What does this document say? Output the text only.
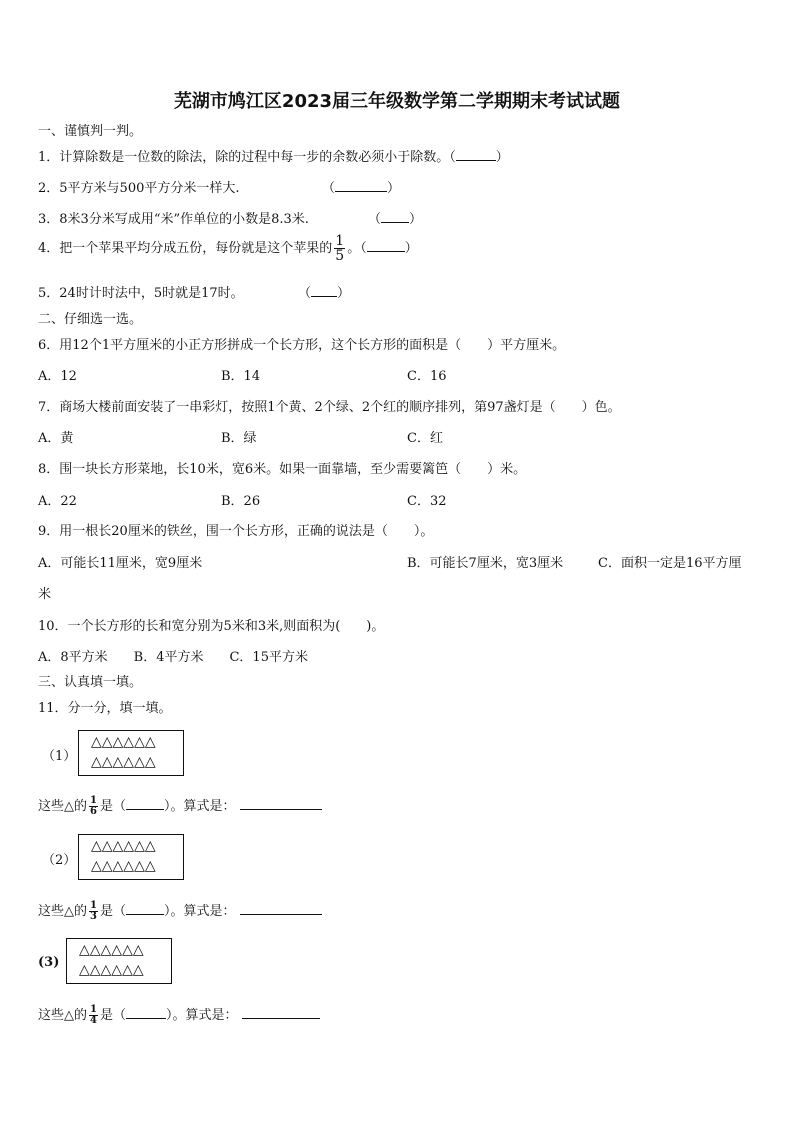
芜湖市鸠江区2023届三年级数学第二学期期末考试试题
一、谨慎判一判。
1．计算除数是一位数的除法，除的过程中每一步的余数必须小于除数。（	）
2．5平方米与500平方分米一样大.	（	）
3．8米3分米写成用“米”作单位的小数是8.3米.	（ ）
4．把一个苹果平均分成五份，每份就是这个苹果的 $\frac{1}{5}$ 。（	）
5．24时计时法中，5时就是17时。	（ ）
二、仔细选一选。
6．用12个1平方厘米的小正方形拼成一个长方形，这个长方形的面积是（　　）平方厘米。
A．12	B．14	C．16
7．商场大楼前面安装了一串彩灯，按照1个黄、2个绿、2个红的顺序排列，第97盏灯是（　　）色。
A．黄	B．绿	C．红
8．围一块长方形菜地，长10米，宽6米。如果一面靠墙，至少需要篱笆（　　）米。
A．22	B．26	C．32
9．用一根长20厘米的铁丝，围一个长方形，正确的说法是（　　）。
A．可能长11厘米，宽9厘米	B．可能长7厘米，宽3厘米	C．面积一定是16平方厘
米
10．一个长方形的长和宽分别为5米和3米,则面积为(　　)。
A．8平方米　　B．4平方米　　C．15平方米
三、认真填一填。
11．分一分，填一填。
（1）
△△△△△△
△△△△△△
这些△的 $\frac{1}{6}$ 是（	）。算式是：
（2）
△△△△△△
△△△△△△
这些△的 $\frac{1}{3}$ 是（	）。算式是：
(3)
△△△△△△
△△△△△△
这些△的 $\frac{1}{4}$ 是（	）。算式是：
